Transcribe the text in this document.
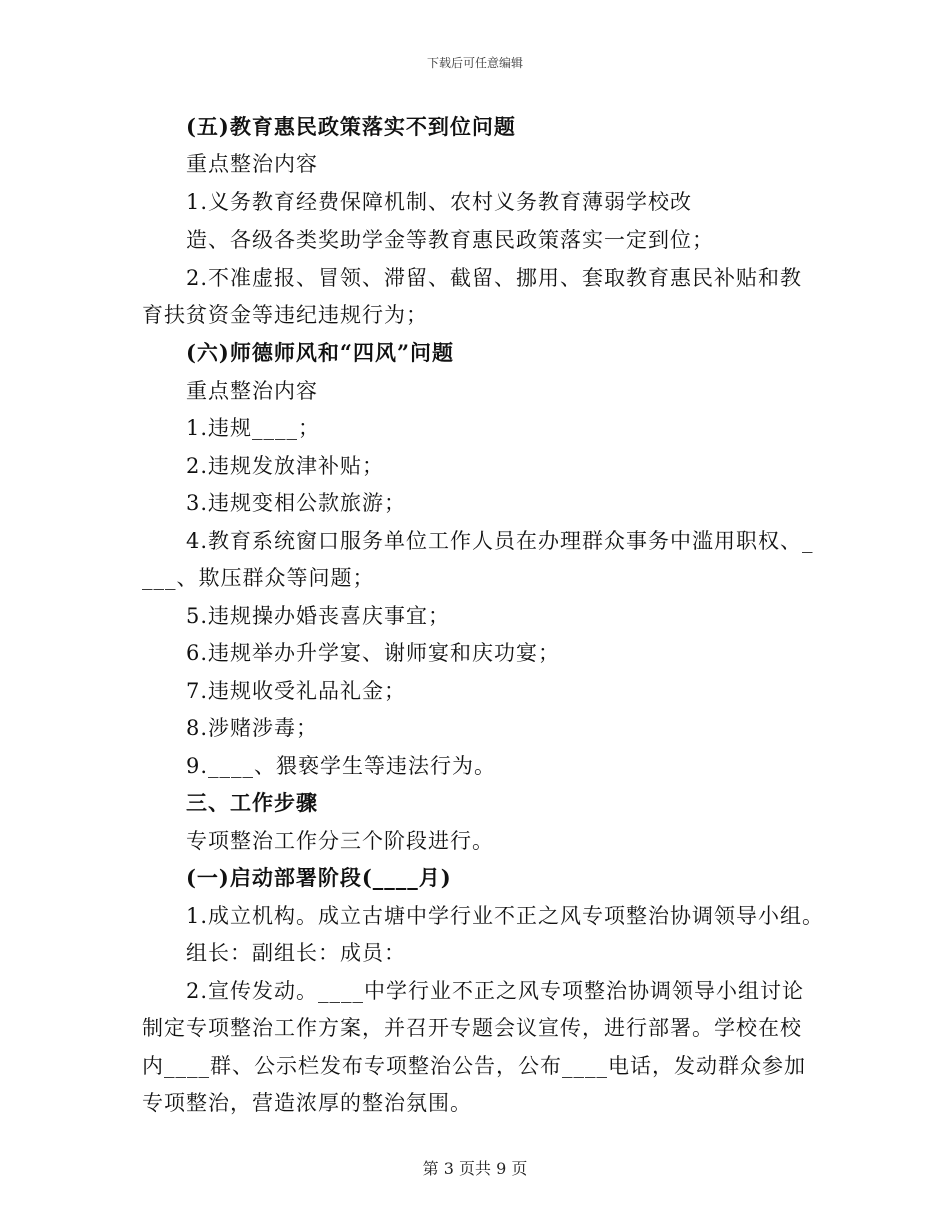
下载后可任意编辑
(五)教育惠民政策落实不到位问题
重点整治内容
1.义务教育经费保障机制、农村义务教育薄弱学校改
造、各级各类奖助学金等教育惠民政策落实一定到位；
2.不准虚报、冒领、滞留、截留、挪用、套取教育惠民补贴和教
育扶贫资金等违纪违规行为；
(六)师德师风和“四风”问题
重点整治内容
1.违规____；
2.违规发放津补贴；
3.违规变相公款旅游；
4.教育系统窗口服务单位工作人员在办理群众事务中滥用职权、_
___、欺压群众等问题；
5.违规操办婚丧喜庆事宜；
6.违规举办升学宴、谢师宴和庆功宴；
7.违规收受礼品礼金；
8.涉赌涉毒；
9.____、猥亵学生等违法行为。
三、工作步骤
专项整治工作分三个阶段进行。
(一)启动部署阶段(____月)
1.成立机构。成立古塘中学行业不正之风专项整治协调领导小组。
组长：副组长：成员：
2.宣传发动。____中学行业不正之风专项整治协调领导小组讨论
制定专项整治工作方案，并召开专题会议宣传，进行部署。学校在校
内____群、公示栏发布专项整治公告，公布____电话，发动群众参加
专项整治，营造浓厚的整治氛围。
第 3 页共 9 页
